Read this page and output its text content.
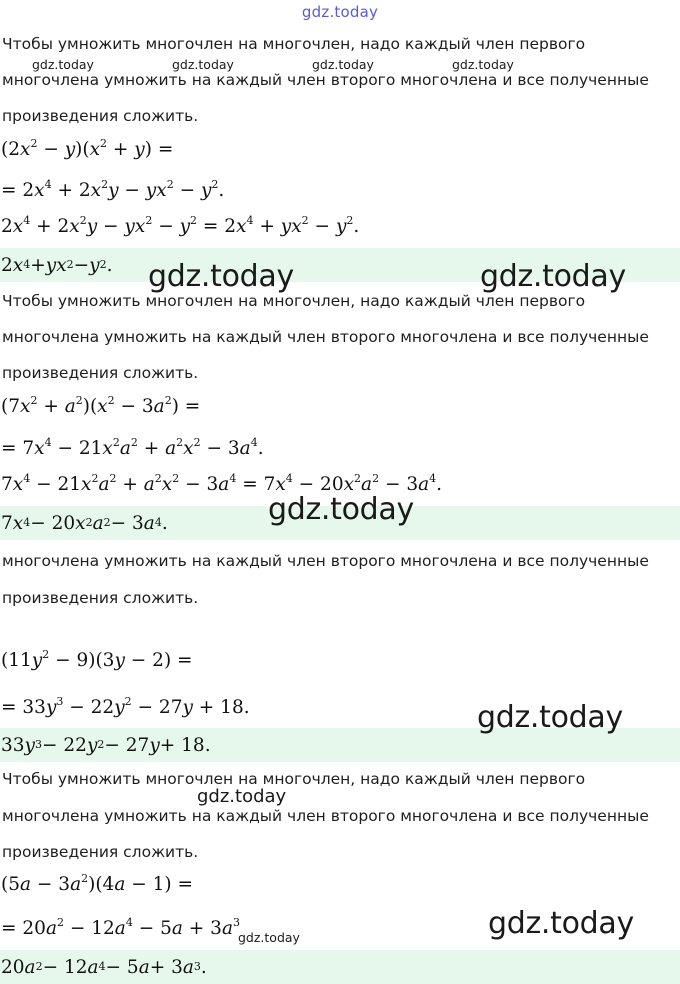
gdz.today
Чтобы умножить многочлен на многочлен, надо каждый член первого
многочлена умножить на каждый член второго многочлена и все полученные
произведения сложить.
$(2x^2 - y)(x^2 + y)$ =
= $2x^4 + 2x^2y - yx^2 - y^2$.
$2x^4 + 2x^2y - yx^2 - y^2 = 2x^4 + yx^2 - y^2$.
2 x 4 + y x 2 − y 2 .
Чтобы умножить многочлен на многочлен, надо каждый член первого
многочлена умножить на каждый член второго многочлена и все полученные
произведения сложить.
$(7x^2 + a^2)(x^2 - 3a^2)$ =
= $7x^4 - 21x^2a^2 + a^2x^2 - 3a^4$.
$7x^4 - 21x^2a^2 + a^2x^2 - 3a^4 = 7x^4 - 20x^2a^2 - 3a^4$.
7 x 4 − 20 x 2 a 2 − 3 a 4 .
многочлена умножить на каждый член второго многочлена и все полученные
произведения сложить.
$(11y^2 - 9)(3y - 2)$ =
= $33y^3 - 22y^2 - 27y + 18$.
33 y 3 − 22 y 2 − 27 y + 18.
Чтобы умножить многочлен на многочлен, надо каждый член первого
многочлена умножить на каждый член второго многочлена и все полученные
произведения сложить.
$(5a - 3a^2)(4a - 1)$ =
= $20a^2 - 12a^4 - 5a + 3a^3$
20 a 2 − 12 a 4 − 5 a + 3 a 3 .
gdz.today	gdz.today	gdz.today	gdz.today
gdz.today	gdz.today
gdz.today
gdz.today
gdz.today
gdz.today
gdz.today
